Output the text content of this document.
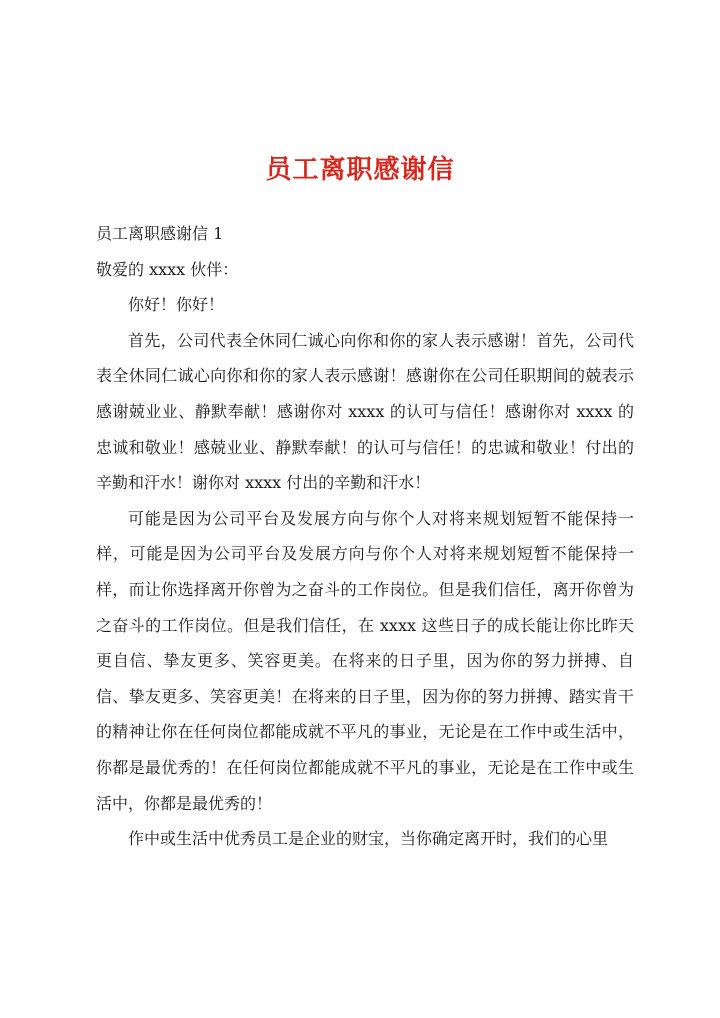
员工离职感谢信

员工离职感谢信 1

敬爱的 xxxx 伙伴：

你好！你好！

首先，公司代表全休同仁诚心向你和你的家人表示感谢！首先，公司代表全休同仁诚心向你和你的家人表示感谢！感谢你在公司任职期间的兢表示感谢兢业业、静默奉献！感谢你对 xxxx 的认可与信任！感谢你对 xxxx 的忠诚和敬业！感兢业业、静默奉献！的认可与信任！的忠诚和敬业！付出的辛勤和汗水！谢你对 xxxx 付出的辛勤和汗水！

可能是因为公司平台及发展方向与你个人对将来规划短暂不能保持一样，可能是因为公司平台及发展方向与你个人对将来规划短暂不能保持一样，而让你选择离开你曾为之奋斗的工作岗位。但是我们信任，离开你曾为之奋斗的工作岗位。但是我们信任，在 xxxx 这些日子的成长能让你比昨天更自信、挚友更多、笑容更美。在将来的日子里，因为你的努力拼搏、自信、挚友更多、笑容更美！在将来的日子里，因为你的努力拼搏、踏实肯干的精神让你在任何岗位都能成就不平凡的事业，无论是在工作中或生活中，你都是最优秀的！在任何岗位都能成就不平凡的事业，无论是在工作中或生活中，你都是最优秀的！

作中或生活中优秀员工是企业的财宝，当你确定离开时，我们的心里
